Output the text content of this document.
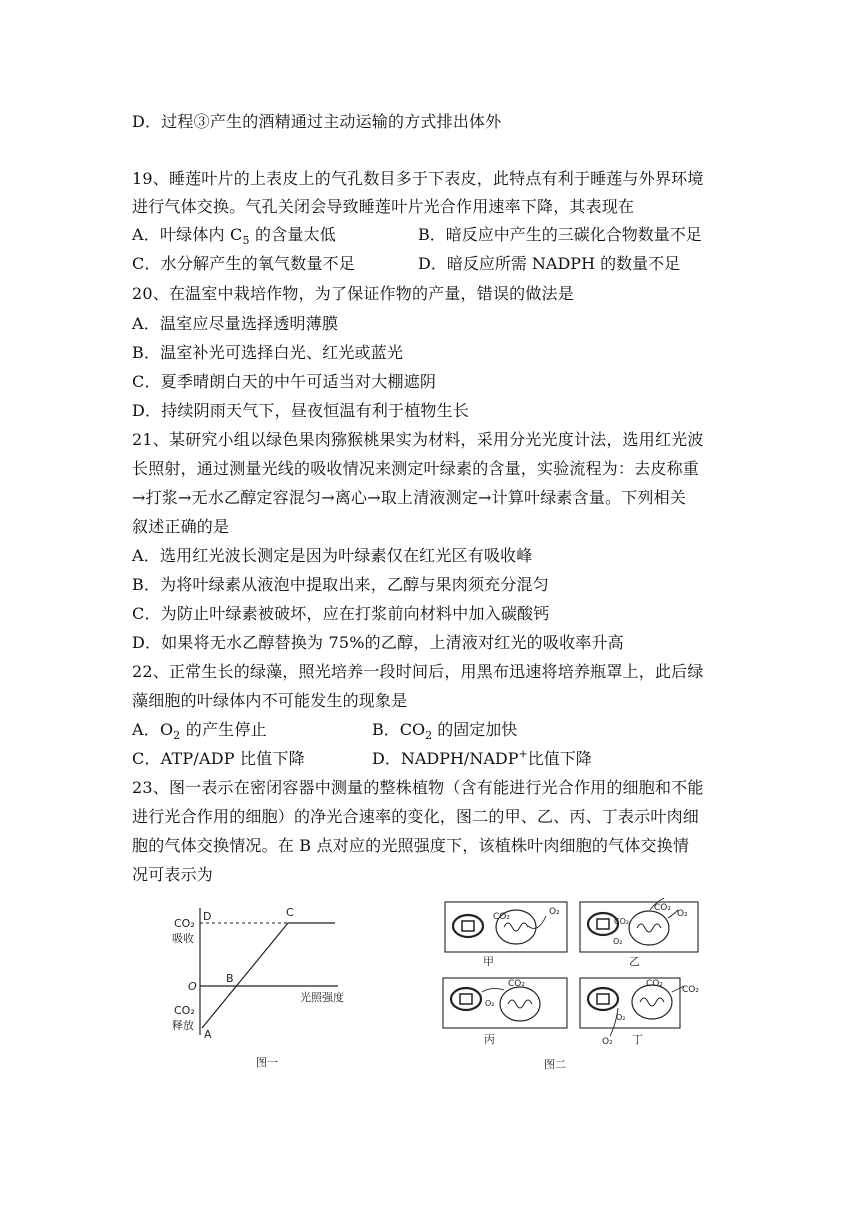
D．过程③产生的酒精通过主动运输的方式排出体外
19、睡莲叶片的上表皮上的气孔数目多于下表皮，此特点有利于睡莲与外界环境
进行气体交换。气孔关闭会导致睡莲叶片光合作用速率下降，其表现在
A．叶绿体内 $C_5$ 的含量太低	B．暗反应中产生的三碳化合物数量不足
C．水分解产生的氧气数量不足	D．暗反应所需 NADPH 的数量不足
20、在温室中栽培作物，为了保证作物的产量，错误的做法是
A．温室应尽量选择透明薄膜
B．温室补光可选择白光、红光或蓝光
C．夏季晴朗白天的中午可适当对大棚遮阴
D．持续阴雨天气下，昼夜恒温有利于植物生长
21、某研究小组以绿色果肉猕猴桃果实为材料，采用分光光度计法，选用红光波
长照射，通过测量光线的吸收情况来测定叶绿素的含量，实验流程为：去皮称重
→打浆→无水乙醇定容混匀→离心→取上清液测定→计算叶绿素含量。下列相关
叙述正确的是
A．选用红光波长测定是因为叶绿素仅在红光区有吸收峰
B．为将叶绿素从液泡中提取出来，乙醇与果肉须充分混匀
C．为防止叶绿素被破坏，应在打浆前向材料中加入碳酸钙
D．如果将无水乙醇替换为 75%的乙醇，上清液对红光的吸收率升高
22、正常生长的绿藻，照光培养一段时间后，用黑布迅速将培养瓶罩上，此后绿
藻细胞的叶绿体内不可能发生的现象是
A．$O_2$ 的产生停止	B．$CO_2$ 的固定加快
C．ATP/ADP 比值下降	D．NADPH/NADP+比值下降
23、图一表示在密闭容器中测量的整株植物（含有能进行光合作用的细胞和不能
进行光合作用的细胞）的净光合速率的变化，图二的甲、乙、丙、丁表示叶肉细
胞的气体交换情况。在 B 点对应的光照强度下，该植株叶肉细胞的气体交换情
况可表示为
CO₂
吸收
CO₂
释放
O
光照强度
A
B
C
D
图一
CO₂	O₂
甲
CO₂
O₂
CO₂
O₂
乙
CO₂
O₂
丙
CO₂
CO₂
O₂
O₂ 丁
图二
